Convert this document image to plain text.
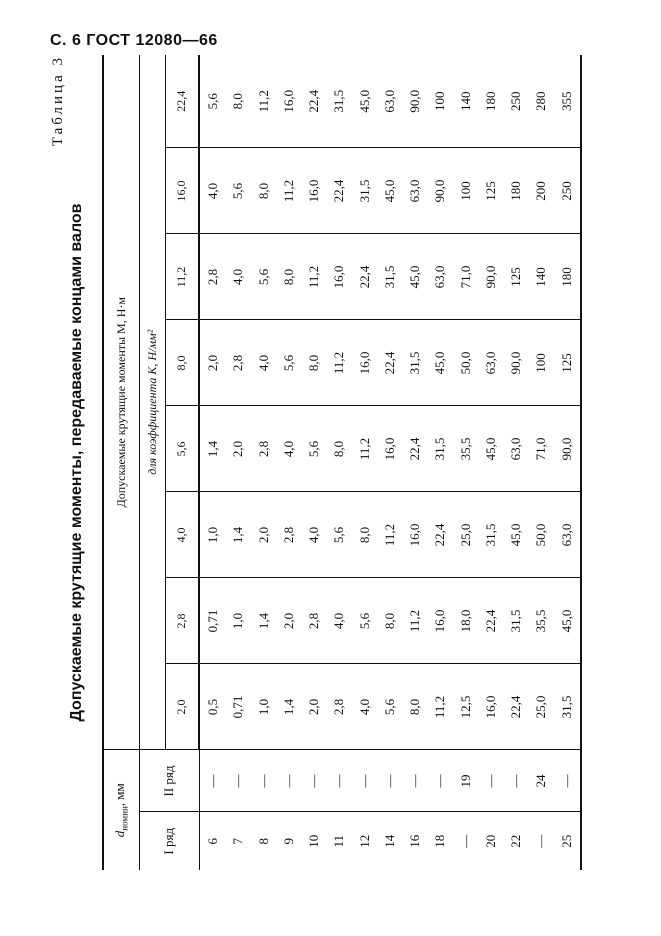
С. 6 ГОСТ 12080—66
Таблица 3
Допускаемые крутящие моменты, передаваемые концами валов
$d_{номин}$, мм		Допускаемые крутящие моменты М, Н·м							
I ряд	II ряд	для коэффициента K, Н/мм²							
		2,0	2,8	4,0	5,6	8,0	11,2	16,0	22,4
6	—	0,5	0,71	1,0	1,4	2,0	2,8	4,0	5,6
7	—	0,71	1,0	1,4	2,0	2,8	4,0	5,6	8,0
8	—	1,0	1,4	2,0	2,8	4,0	5,6	8,0	11,2
9	—	1,4	2,0	2,8	4,0	5,6	8,0	11,2	16,0
10	—	2,0	2,8	4,0	5,6	8,0	11,2	16,0	22,4
11	—	2,8	4,0	5,6	8,0	11,2	16,0	22,4	31,5
12	—	4,0	5,6	8,0	11,2	16,0	22,4	31,5	45,0
14	—	5,6	8,0	11,2	16,0	22,4	31,5	45,0	63,0
16	—	8,0	11,2	16,0	22,4	31,5	45,0	63,0	90,0
18	—	11,2	16,0	22,4	31,5	45,0	63,0	90,0	100
—	19	12,5	18,0	25,0	35,5	50,0	71,0	100	140
20	—	16,0	22,4	31,5	45,0	63,0	90,0	125	180
22	—	22,4	31,5	45,0	63,0	90,0	125	180	250
—	24	25,0	35,5	50,0	71,0	100	140	200	280
25	—	31,5	45,0	63,0	90,0	125	180	250	355
